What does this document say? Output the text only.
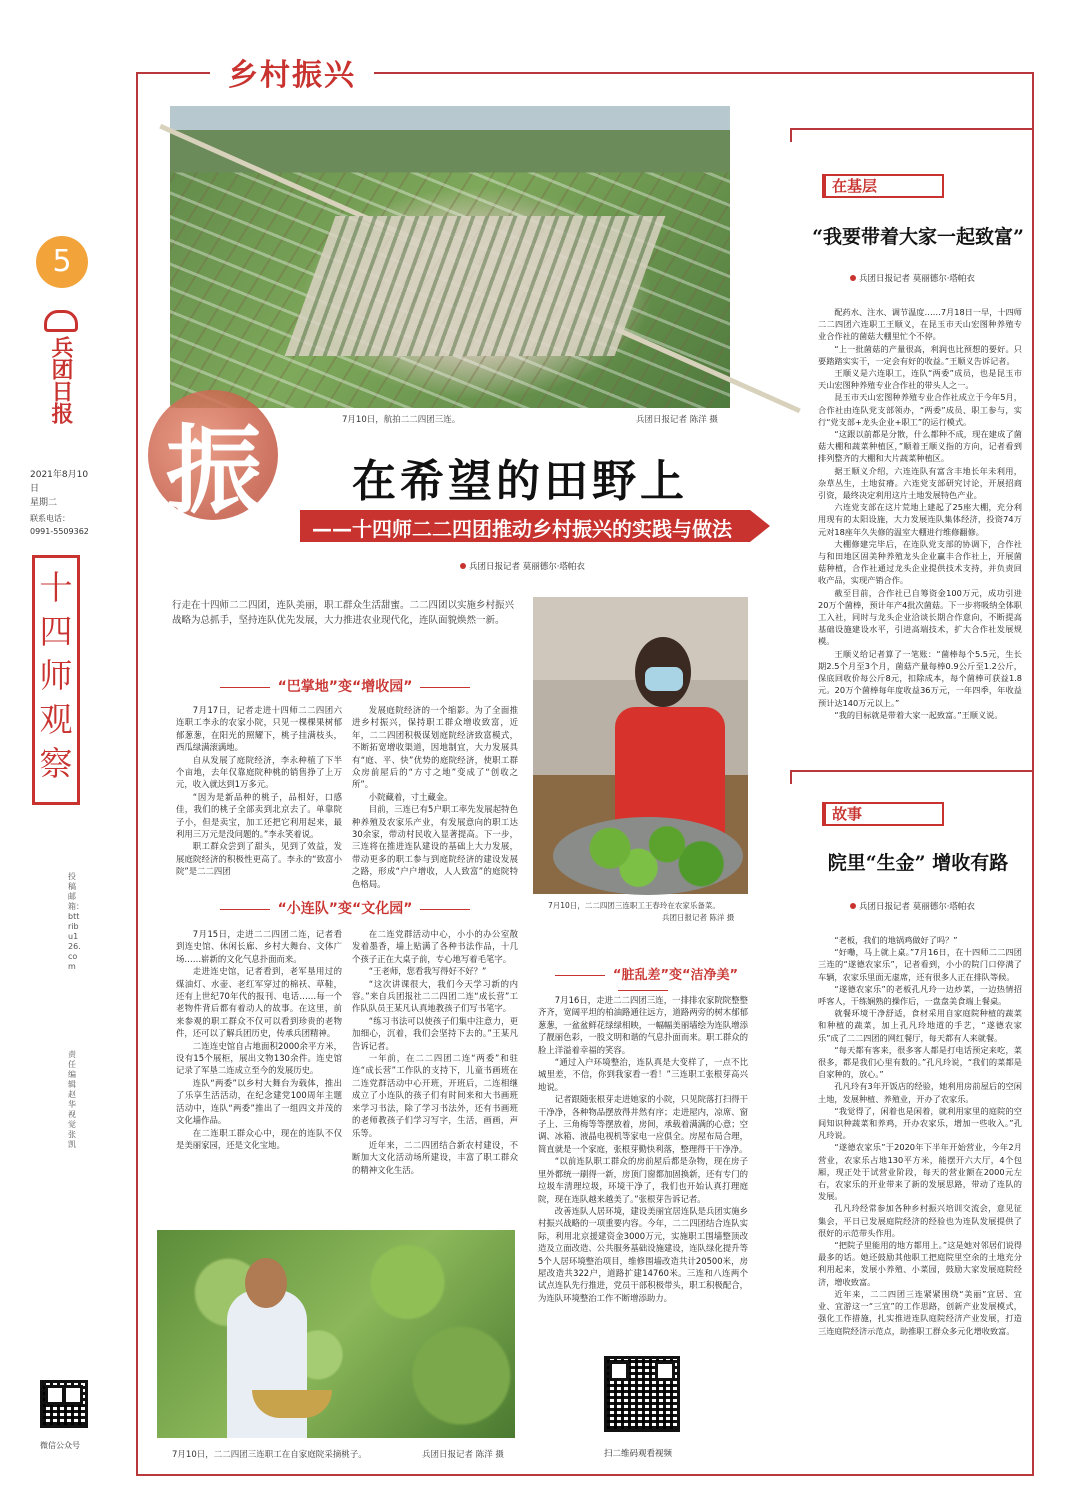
乡村振兴
5
兵团日报
2021年8月10日
星期二
联系电话：
0991-5509362
十
四
师
观
察
投稿邮箱：bttribu126.com
责任编辑 赵 华 视觉 张凯
微信公众号
7月10日，航拍二二四团三连。	兵团日报记者 陈洋 摄
振 在希望的田野上
——十四师二二四团推动乡村振兴的实践与做法
兵团日报记者 莫丽德尔·塔帕衣
行走在十四师二二四团，连队美丽，职工群众生活甜蜜。二二四团以实施乡村振兴战略为总抓手，坚持连队优先发展，大力推进农业现代化，连队面貌焕然一新。
7月10日，二二四团三连职工王春玲在农家乐备菜。
兵团日报记者 陈洋 摄
“巴掌地”变“增收园”

7月17日，记者走进十四师二二四团六连职工李永的农家小院，只见一棵棵果树郁郁葱葱，在阳光的照耀下，桃子挂满枝头，西瓜绿满滚满地。

自从发展了庭院经济，李永种植了下半个亩地，去年仅靠庭院种桃的销售挣了上万元，收入就达到1万多元。

“因为是新品种的桃子，品相好，口感佳，我们的桃子全部卖到北京去了。单靠院子小，但是卖宝，加工还把它利用起来，最利用三万元是没问题的。”李永笑着说。

职工群众尝到了甜头，见到了效益，发展庭院经济的积极性更高了。李永的“致富小院”是二二四团

发展庭院经济的一个缩影。为了全面推进乡村振兴，保持职工群众增收致富，近年，二二四团积极谋划庭院经济致富模式，不断拓宽增收渠道，因地制宜，大力发展具有“庭、平、快”优势的庭院经济，使职工群众房前屋后的“方寸之地”变成了“创收之所”。

小院藏着，寸土藏金。

目前，三连已有5户职工率先发展起特色种养殖及农家乐产业，有发展意向的职工达30余家，带动村民收入显著提高。下一步，三连将在推进连队建设的基础上大力发展，带动更多的职工参与到庭院经济的建设发展之路，形成“户户增收，人人致富”的庭院特色格局。

“小连队”变“文化园”

7月15日，走进二二四团二连，记者看到连史馆、休闲长廊、乡村大舞台、文体广场……崭新的文化气息扑面而来。

走进连史馆，记者看到，老军垦用过的煤油灯、水壶、老红军穿过的棉袄、草鞋，还有上世纪70年代的报刊、电话……每一个老物件背后都有着动人的故事。在这里，前来参观的职工群众不仅可以看到珍贵的老物件，还可以了解兵团历史，传承兵团精神。

二连连史馆自占地面积2000余平方米，设有15个展柜，展出文物130余件。连史馆记录了军垦二连成立至今的发展历史。

连队“两委”以乡村大舞台为载体，推出了乐享生活活动，在纪念建党100周年主题活动中，连队“两委”推出了一组四文并茂的文化墙作品。

在二连职工群众心中，现在的连队不仅是美丽家园，还是文化宝地。

在二连党群活动中心，小小的办公室散发着墨香，墙上贴满了各种书法作品，十几个孩子正在大桌子前，专心地写着毛笔字。

“王老师，您看我写得好不好？”

“这次讲课很大，我们今天学习新的内容。”来自兵团报社二二四团二连“成长营”工作队队员王某凡认真地教孩子们写书笔字。

“练习书法可以使孩子们集中注意力，更加细心，沉着，我们会坚持下去的。”王某凡告诉记者。

一年前，在二二四团二连“两委”和驻连“成长营”工作队的支持下，儿童书画班在二连党群活动中心开班，开班后，二连相继成立了小连队的孩子们有时间来和大书画班来学习书法，除了学习书法外，还有书画班的老师教孩子们学习写字，生活，画画，声乐等。

近年来，二二四团结合新农村建设，不断加大文化活动场所建设，丰富了职工群众的精神文化生活。

“脏乱差”变“洁净美”

7月16日，走进二二四团三连，一排排农家院院整整齐齐，宽阔平坦的柏油路通往远方，道路两旁的树木郁郁葱葱，一盆盆鲜花绿绿相映，一幅幅美丽墙绘为连队增添了靓丽色彩，一股文明和谐的气息扑面而来。职工群众的脸上洋溢着幸福的笑容。

“通过入户环境整治，连队真是大变样了，一点不比城里差，不信，你到我家看一看！”三连职工张根芽高兴地说。

记者跟随张根芽走进她家的小院，只见院落打扫得干干净净，各种物品摆放得井然有序；走进屋内，凉席、窗子上、三角梅等等摆放着，房间，承载着满满的心意；空调、冰箱、液晶电视机等家电一应俱全。房屋布局合理，简直就是一个家庭，张根芽勤快利落，整理得干干净净。

“以前连队职工群众的房前屋后都是杂物，现在房子里外都统一刷得一新，房顶门窗都加固换新，还有专门的垃圾车清理垃圾，环境干净了，我们也开始认真打理庭院，现在连队越来越美了。”张根芽告诉记者。

改善连队人居环境，建设美丽宜居连队是兵团实施乡村振兴战略的一项重要内容。今年，二二四团结合连队实际，利用北京援建资金3000万元，实施职工围墙整顶改造及立面改造、公共服务基础设施建设，连队绿化提升等5个人居环境整治项目，维修围墙改造共计20500米，房屋改造共322户，道路扩建14760米。三连和八连两个试点连队先行推进，党员干部积极带头，职工积极配合，为连队环境整治工作不断增添助力。

7月10日，二二四团三连职工在自家庭院采摘桃子。	兵团日报记者 陈洋 摄	扫二维码观看视频
在基层
“我要带着大家一起致富”
兵团日报记者 莫丽德尔·塔帕衣

配药水、注水、调节温度……7月18日一早，十四师二二四团六连职工王顺义，在昆玉市天山宏图种养殖专业合作社的菌菇大棚里忙个不停。

“上一批菌菇的产量很高，利润也比预想的要好。只要踏踏实实干，一定会有好的收益。”王顺义告诉记者。

王顺义是六连职工，连队“两委”成员，也是昆玉市天山宏图种养殖专业合作社的带头人之一。

昆玉市天山宏图种养殖专业合作社成立于今年5月，合作社由连队党支部领办，“两委”成员、职工参与，实行“党支部+龙头企业+职工”的运行模式。

“这跟以前都是分散，什么都种不成，现在建成了菌菇大棚和蔬菜种植区，”顺着王顺义指的方向，记者看到排列整齐的大棚和大片蔬菜种植区。

据王顺义介绍，六连连队有富含丰地长年未利用，杂草丛生，土地贫瘠。六连党支部研究讨论，开展招商引资，最终决定利用这片土地发展特色产业。

六连党支部在这片荒地上建起了25座大棚，充分利用现有的太阳设施，大力发展连队集体经济，投资74万元对18座年久失修的温室大棚进行维修翻修。

大棚修建完毕后，在连队党支部的协调下，合作社与和田地区固美种养殖龙头企业赢丰合作社上，开展菌菇种植，合作社通过龙头企业提供技术支持，并负责回收产品，实现产销合作。

截至目前，合作社已自筹资金100万元，成功引进20万个菌棒，预计年产4批次菌菇。下一步将吸纳全体职工入社，同时与龙头企业洽谈长期合作意向，不断提高基础设施建设水平，引进高端技术，扩大合作社发展规模。

王顺义给记者算了一笔账：“菌棒每个5.5元，生长期2.5个月至3个月，菌菇产量每棒0.9公斤至1.2公斤，保底回收价每公斤8元，扣除成本，每个菌棒可获益1.8元。20万个菌棒每年度收益36万元，一年四季，年收益预计达140万元以上。”

“我的目标就是带着大家一起致富。”王顺义说。

故事
院里“生金” 增收有路
兵团日报记者 莫丽德尔·塔帕衣

“老板，我们的地锅鸡做好了吗？”

“好嘞，马上就上桌。”7月16日，在十四师二二四团三连的“遂德农家乐”，记者看到，小小的院门口停满了车辆，农家乐里面无虚席，还有很多人正在排队等候。

“遂德农家乐”的老板孔凡玲一边炒菜，一边热情招呼客人，干练娴熟的操作后，一盘盘美食端上餐桌。

就餐环境干净舒适，食材采用自家庭院种植的蔬菜和种植的蔬菜，加上孔凡玲地道的手艺，“遂德农家乐”成了二二四团的网红餐厅，每天都有人来就餐。

“每天都有客来，很多客人都是打电话预定来吃，菜很多，都是我们心里有数的。”孔凡玲说，“我们的菜都是自家种的，放心。”

孔凡玲有3年开饭店的经验，她利用房前屋后的空闲土地，发展种植、养殖业，开办了农家乐。

“我觉得了，闲着也是闲着，就利用家里的庭院的空间知识种蔬菜和养鸡，开办农家乐，增加一些收入。”孔凡玲说。

“遂德农家乐”于2020年下半年开始营业，今年2月营业，农家乐占地130平方米，能摆开六大厅，4个包厢，现正处于试营业阶段，每天的营业额在2000元左右，农家乐的开业带来了新的发展思路，带动了连队的发展。

孔凡玲经常参加各种乡村振兴培训交流会，意见征集会，平日已发展庭院经济的经验也为连队发展提供了很好的示范带头作用。

“把院子里能用的地方都用上。”这是她对邻居们说得最多的话。她还鼓励其他职工把庭院里空余的土地充分利用起来，发展小养殖、小菜园，鼓励大家发展庭院经济，增收致富。

近年来，二二四团三连紧紧围绕“美丽”宜居、宜业、宜游这一“三宜”的工作思路，创新产业发展模式，强化工作措施，扎实推进连队庭院经济产业发展，打造三连庭院经济示范点，助推职工群众多元化增收致富。
